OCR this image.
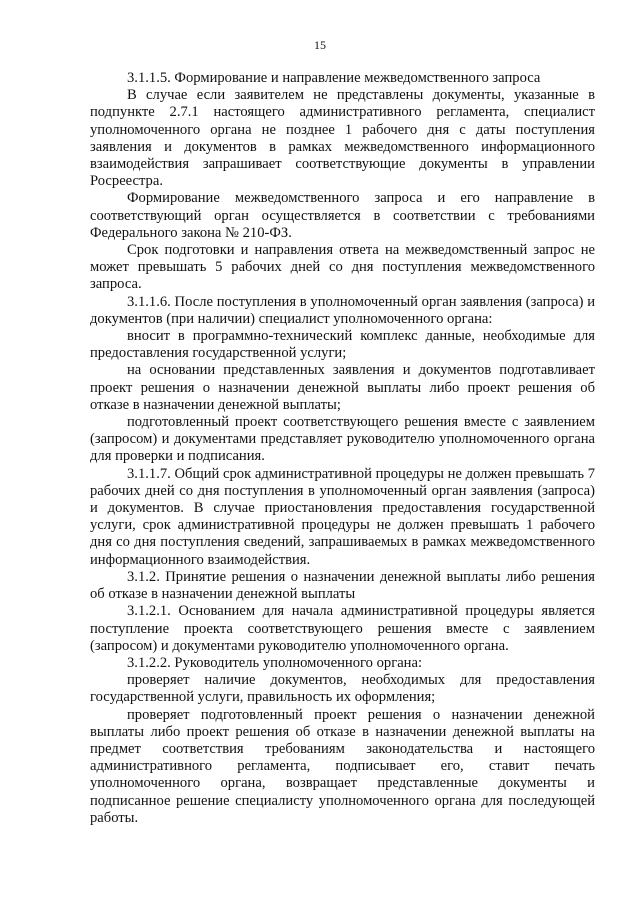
15

3.1.1.5. Формирование и направление межведомственного запроса

В случае если заявителем не представлены документы, указанные в подпункте 2.7.1 настоящего административного регламента, специалист уполномоченного органа не позднее 1 рабочего дня с даты поступления заявления и документов в рамках межведомственного информационного взаимодействия запрашивает соответствующие документы в управлении Росреестра.

Формирование межведомственного запроса и его направление в соответствующий орган осуществляется в соответствии с требованиями Федерального закона № 210-ФЗ.

Срок подготовки и направления ответа на межведомственный запрос не может превышать 5 рабочих дней со дня поступления межведомственного запроса.

3.1.1.6. После поступления в уполномоченный орган заявления (запроса) и документов (при наличии) специалист уполномоченного органа:

вносит в программно-технический комплекс данные, необходимые для предоставления государственной услуги;

на основании представленных заявления и документов подготавливает проект решения о назначении денежной выплаты либо проект решения об отказе в назначении денежной выплаты;

подготовленный проект соответствующего решения вместе с заявлением (запросом) и документами представляет руководителю уполномоченного органа для проверки и подписания.

3.1.1.7. Общий срок административной процедуры не должен превышать 7 рабочих дней со дня поступления в уполномоченный орган заявления (запроса) и документов. В случае приостановления предоставления государственной услуги, срок административной процедуры не должен превышать 1 рабочего дня со дня поступления сведений, запрашиваемых в рамках межведомственного информационного взаимодействия.

3.1.2. Принятие решения о назначении денежной выплаты либо решения об отказе в назначении денежной выплаты

3.1.2.1. Основанием для начала административной процедуры является поступление проекта соответствующего решения вместе с заявлением (запросом) и документами руководителю уполномоченного органа.

3.1.2.2. Руководитель уполномоченного органа:

проверяет наличие документов, необходимых для предоставления государственной услуги, правильность их оформления;

проверяет подготовленный проект решения о назначении денежной выплаты либо проект решения об отказе в назначении денежной выплаты на предмет соответствия требованиям законодательства и настоящего административного регламента, подписывает его, ставит печать уполномоченного органа, возвращает представленные документы и подписанное решение специалисту уполномоченного органа для последующей работы.
